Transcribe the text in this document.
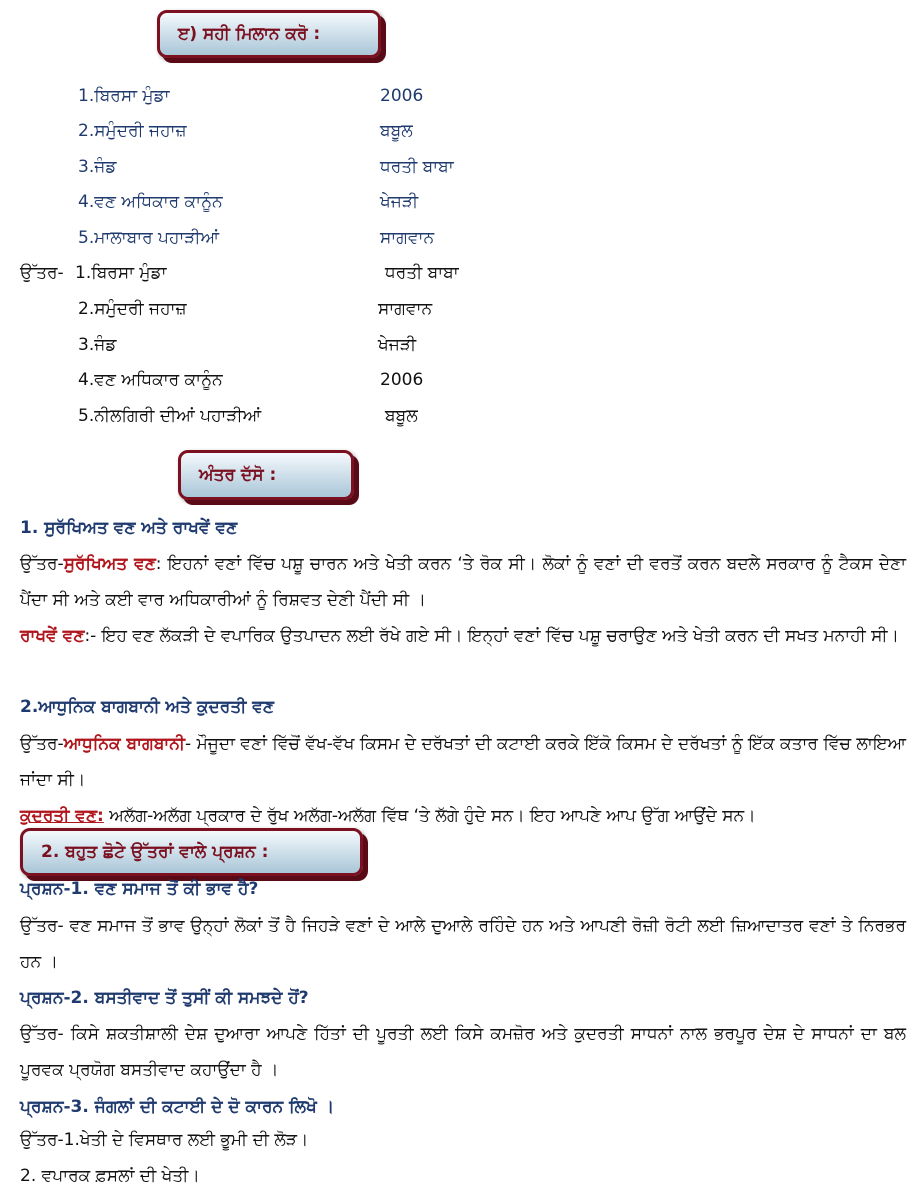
ੲ) ਸਹੀ ਮਿਲਾਨ ਕਰੋ :
1.ਬਿਰਸਾ ਮੁੰਡਾ	2006
2.ਸਮੁੰਦਰੀ ਜਹਾਜ਼	ਬਬੂਲ
3.ਜੰਡ	ਧਰਤੀ ਬਾਬਾ
4.ਵਣ ਅਧਿਕਾਰ ਕਾਨੂੰਨ	ਖੇਜੜੀ
5.ਮਾਲਾਬਾਰ ਪਹਾੜੀਆਂ	ਸਾਗਵਾਨ
ਉੱਤਰ- 1.ਬਿਰਸਾ ਮੁੰਡਾ	ਧਰਤੀ ਬਾਬਾ
2.ਸਮੁੰਦਰੀ ਜਹਾਜ਼	ਸਾਗਵਾਨ
3.ਜੰਡ	ਖੇਜੜੀ
4.ਵਣ ਅਧਿਕਾਰ ਕਾਨੂੰਨ	2006
5.ਨੀਲਗਿਰੀ ਦੀਆਂ ਪਹਾੜੀਆਂ	ਬਬੂਲ
ਅੰਤਰ ਦੱਸੋ :
1. ਸੁਰੱਖਿਅਤ ਵਣ ਅਤੇ ਰਾਖਵੇਂ ਵਣ
ਉੱਤਰ-ਸੁਰੱਖਿਅਤ ਵਣ: ਇਹਨਾਂ ਵਣਾਂ ਵਿੱਚ ਪਸ਼ੂ ਚਾਰਨ ਅਤੇ ਖੇਤੀ ਕਰਨ ‘ਤੇ ਰੋਕ ਸੀ। ਲੋਕਾਂ ਨੂੰ ਵਣਾਂ ਦੀ ਵਰਤੋਂ ਕਰਨ ਬਦਲੇ ਸਰਕਾਰ ਨੂੰ ਟੈਕਸ ਦੇਣਾ ਪੈਂਦਾ ਸੀ ਅਤੇ ਕਈ ਵਾਰ ਅਧਿਕਾਰੀਆਂ ਨੂੰ ਰਿਸ਼ਵਤ ਦੇਣੀ ਪੈਂਦੀ ਸੀ ।
ਰਾਖਵੇਂ ਵਣ:- ਇਹ ਵਣ ਲੱਕੜੀ ਦੇ ਵਪਾਰਿਕ ਉਤਪਾਦਨ ਲਈ ਰੱਖੇ ਗਏ ਸੀ। ਇਨ੍ਹਾਂ ਵਣਾਂ ਵਿੱਚ ਪਸ਼ੂ ਚਰਾਉਣ ਅਤੇ ਖੇਤੀ ਕਰਨ ਦੀ ਸਖਤ ਮਨਾਹੀ ਸੀ।
2.ਆਧੁਨਿਕ ਬਾਗਬਾਨੀ ਅਤੇ ਕੁਦਰਤੀ ਵਣ
ਉੱਤਰ-ਆਧੁਨਿਕ ਬਾਗਬਾਨੀ- ਮੌਜੂਦਾ ਵਣਾਂ ਵਿੱਚੋਂ ਵੱਖ-ਵੱਖ ਕਿਸਮ ਦੇ ਦਰੱਖਤਾਂ ਦੀ ਕਟਾਈ ਕਰਕੇ ਇੱਕੋ ਕਿਸਮ ਦੇ ਦਰੱਖਤਾਂ ਨੂੰ ਇੱਕ ਕਤਾਰ ਵਿੱਚ ਲਾਇਆ ਜਾਂਦਾ ਸੀ।
ਕੁਦਰਤੀ ਵਣ: ਅਲੱਗ-ਅਲੱਗ ਪ੍ਰਕਾਰ ਦੇ ਰੁੱਖ ਅਲੱਗ-ਅਲੱਗ ਵਿੱਥ ‘ਤੇ ਲੱਗੇ ਹੁੰਦੇ ਸਨ। ਇਹ ਆਪਣੇ ਆਪ ਉੱਗ ਆਉਂਦੇ ਸਨ।
2. ਬਹੁਤ ਛੋਟੇ ਉੱਤਰਾਂ ਵਾਲੇ ਪ੍ਰਸ਼ਨ :
ਪ੍ਰਸ਼ਨ-1. ਵਣ ਸਮਾਜ ਤੋਂ ਕੀ ਭਾਵ ਹੈ?
ਉੱਤਰ- ਵਣ ਸਮਾਜ ਤੋਂ ਭਾਵ ਉਨ੍ਹਾਂ ਲੋਕਾਂ ਤੋਂ ਹੈ ਜਿਹੜੇ ਵਣਾਂ ਦੇ ਆਲੇ ਦੁਆਲੇ ਰਹਿੰਦੇ ਹਨ ਅਤੇ ਆਪਣੀ ਰੋਜ਼ੀ ਰੋਟੀ ਲਈ ਜ਼ਿਆਦਾਤਰ ਵਣਾਂ ਤੇ ਨਿਰਭਰ ਹਨ ।
ਪ੍ਰਸ਼ਨ-2. ਬਸਤੀਵਾਦ ਤੋਂ ਤੁਸੀਂ ਕੀ ਸਮਝਦੇ ਹੋਂ?
ਉੱਤਰ- ਕਿਸੇ ਸ਼ਕਤੀਸ਼ਾਲੀ ਦੇਸ਼ ਦੁਆਰਾ ਆਪਣੇ ਹਿੱਤਾਂ ਦੀ ਪੂਰਤੀ ਲਈ ਕਿਸੇ ਕਮਜ਼ੋਰ ਅਤੇ ਕੁਦਰਤੀ ਸਾਧਨਾਂ ਨਾਲ ਭਰਪੂਰ ਦੇਸ਼ ਦੇ ਸਾਧਨਾਂ ਦਾ ਬਲ ਪੂਰਵਕ ਪ੍ਰਯੋਗ ਬਸਤੀਵਾਦ ਕਹਾਉਂਦਾ ਹੈ ।
ਪ੍ਰਸ਼ਨ-3. ਜੰਗਲਾਂ ਦੀ ਕਟਾਈ ਦੇ ਦੋ ਕਾਰਨ ਲਿਖੋ ।
ਉੱਤਰ-1.ਖੇਤੀ ਦੇ ਵਿਸਥਾਰ ਲਈ ਭੂਮੀ ਦੀ ਲੋੜ।
2. ਵਪਾਰਕ ਫ਼ਸਲਾਂ ਦੀ ਖੇਤੀ।
